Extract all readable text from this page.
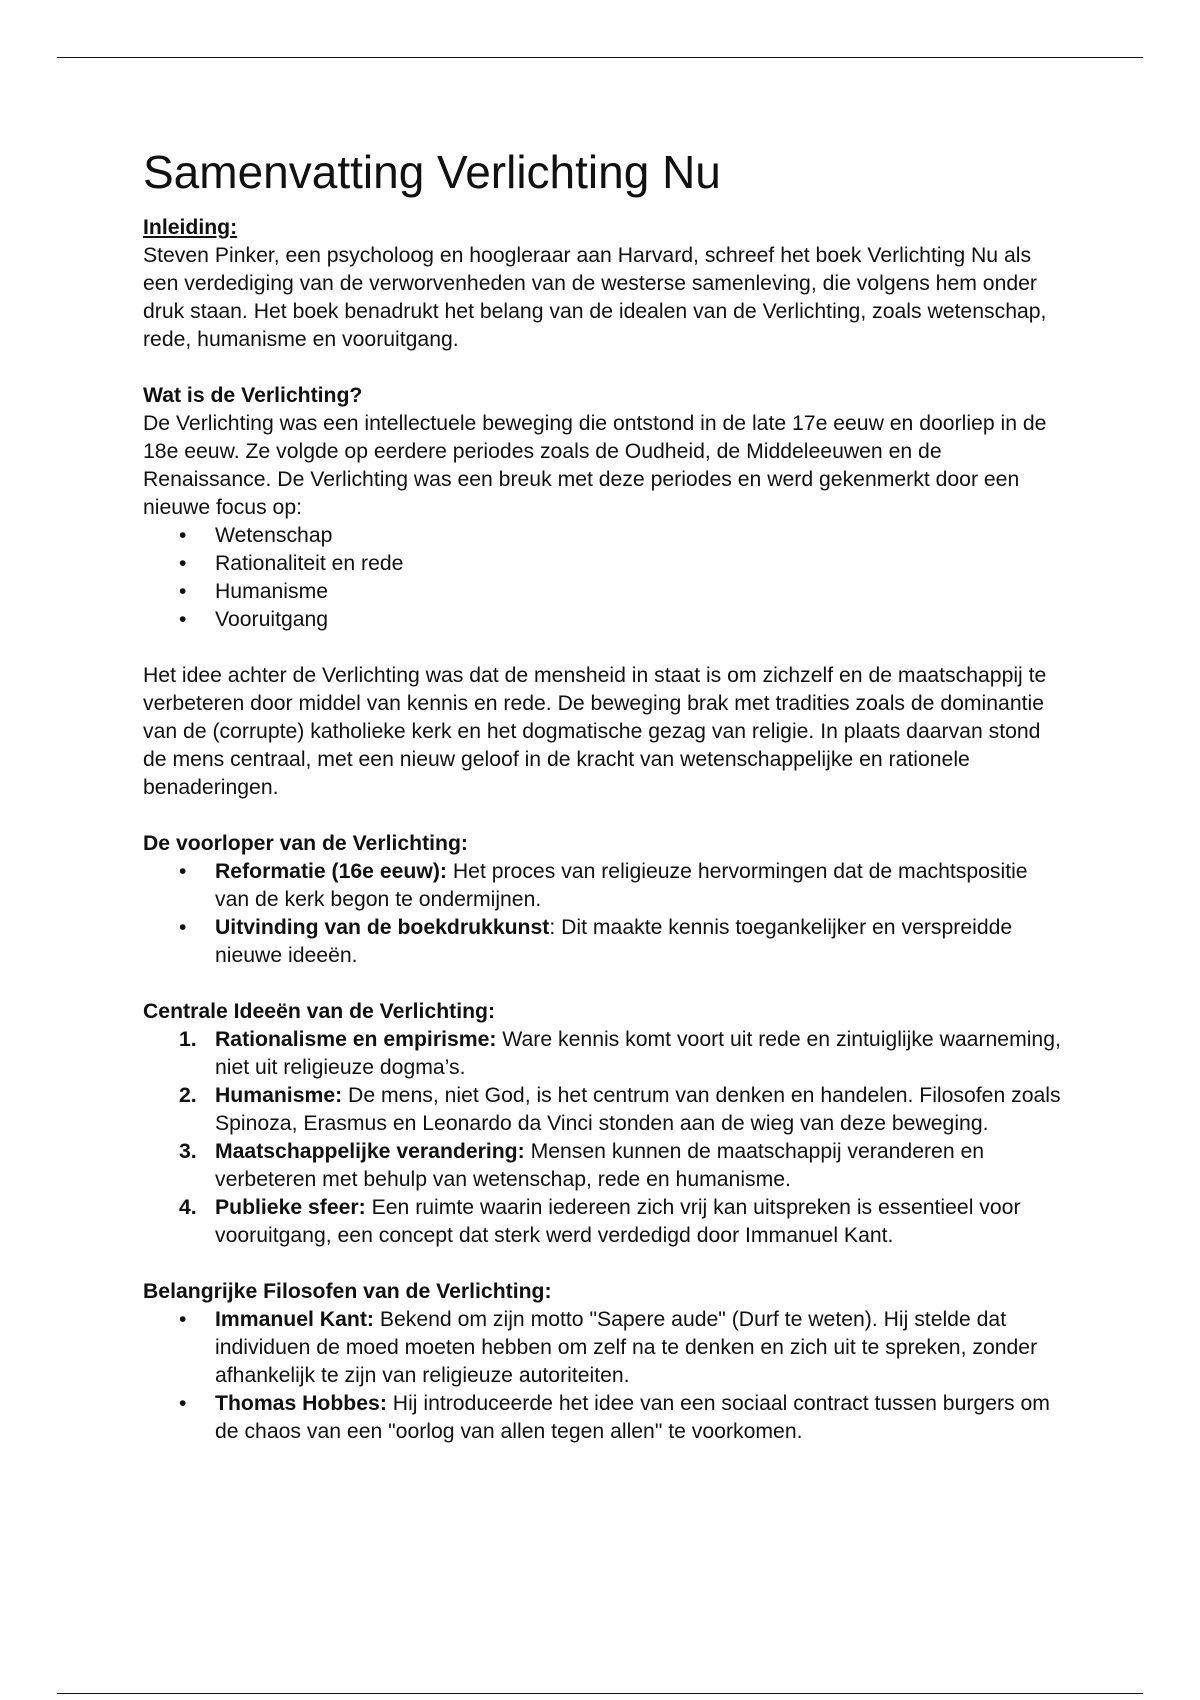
Samenvatting Verlichting Nu

Inleiding:

Steven Pinker, een psycholoog en hoogleraar aan Harvard, schreef het boek Verlichting Nu als een verdediging van de verworvenheden van de westerse samenleving, die volgens hem onder druk staan. Het boek benadrukt het belang van de idealen van de Verlichting, zoals wetenschap, rede, humanisme en vooruitgang.

Wat is de Verlichting?

De Verlichting was een intellectuele beweging die ontstond in de late 17e eeuw en doorliep in de 18e eeuw. Ze volgde op eerdere periodes zoals de Oudheid, de Middeleeuwen en de Renaissance. De Verlichting was een breuk met deze periodes en werd gekenmerkt door een nieuwe focus op:

• Wetenschap
• Rationaliteit en rede
• Humanisme
• Vooruitgang

Het idee achter de Verlichting was dat de mensheid in staat is om zichzelf en de maatschappij te verbeteren door middel van kennis en rede. De beweging brak met tradities zoals de dominantie van de (corrupte) katholieke kerk en het dogmatische gezag van religie. In plaats daarvan stond de mens centraal, met een nieuw geloof in de kracht van wetenschappelijke en rationele benaderingen.

De voorloper van de Verlichting:

• Reformatie (16e eeuw): Het proces van religieuze hervormingen dat de machtspositie van de kerk begon te ondermijnen.
• Uitvinding van de boekdrukkunst: Dit maakte kennis toegankelijker en verspreidde nieuwe ideeën.

Centrale Ideeën van de Verlichting:

1. Rationalisme en empirisme: Ware kennis komt voort uit rede en zintuiglijke waarneming, niet uit religieuze dogma’s.
2. Humanisme: De mens, niet God, is het centrum van denken en handelen. Filosofen zoals Spinoza, Erasmus en Leonardo da Vinci stonden aan de wieg van deze beweging.
3. Maatschappelijke verandering: Mensen kunnen de maatschappij veranderen en verbeteren met behulp van wetenschap, rede en humanisme.
4. Publieke sfeer: Een ruimte waarin iedereen zich vrij kan uitspreken is essentieel voor vooruitgang, een concept dat sterk werd verdedigd door Immanuel Kant.

Belangrijke Filosofen van de Verlichting:

• Immanuel Kant: Bekend om zijn motto "Sapere aude" (Durf te weten). Hij stelde dat individuen de moed moeten hebben om zelf na te denken en zich uit te spreken, zonder afhankelijk te zijn van religieuze autoriteiten.
• Thomas Hobbes: Hij introduceerde het idee van een sociaal contract tussen burgers om de chaos van een "oorlog van allen tegen allen" te voorkomen.
